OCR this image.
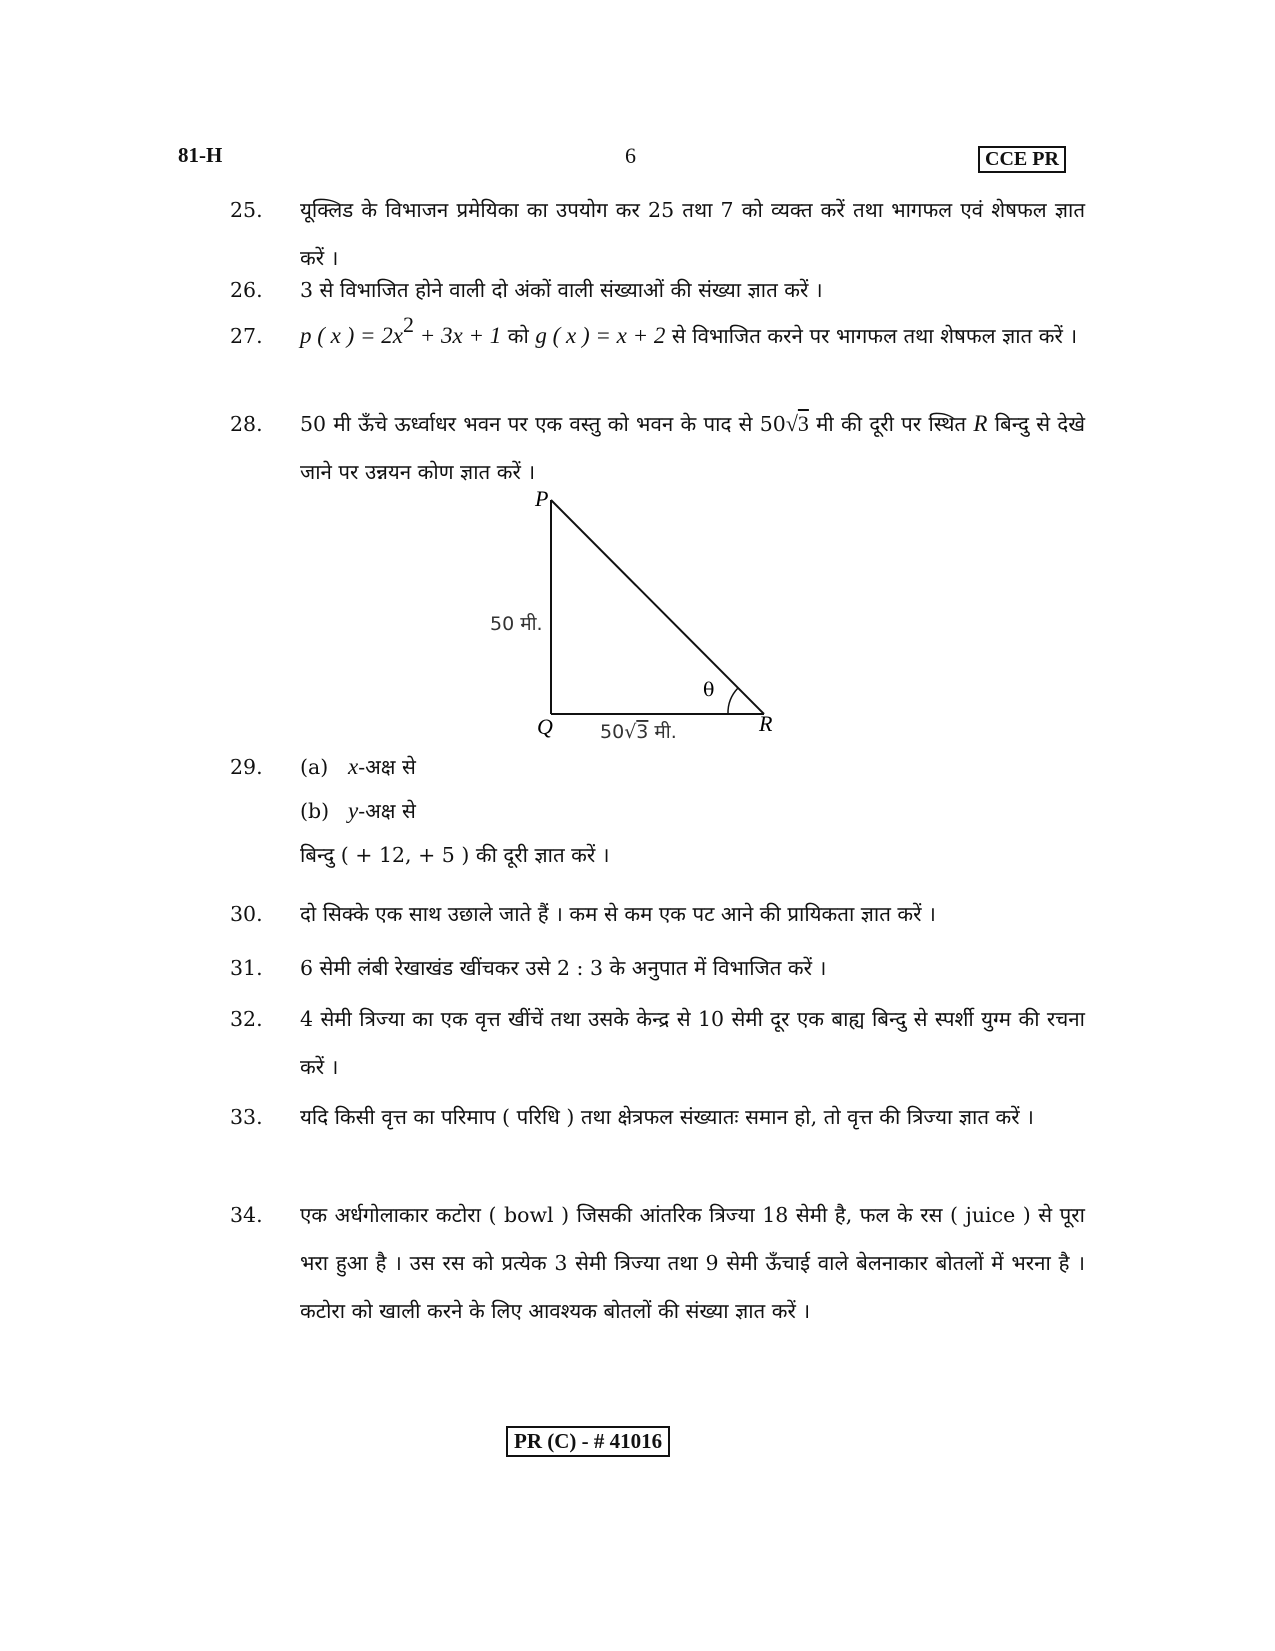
81-H	6	CCE PR
25. यूक्लिड के विभाजन प्रमेयिका का उपयोग कर 25 तथा 7 को व्यक्त करें तथा भागफल एवं शेषफल ज्ञात करें ।
26. 3 से विभाजित होने वाली दो अंकों वाली संख्याओं की संख्या ज्ञात करें ।
27. p ( x ) = $2x^2 + 3x + 1$ को g ( x ) = x + 2 से विभाजित करने पर भागफल तथा शेषफल ज्ञात करें ।
28. 50 मी ऊँचे ऊर्ध्वाधर भवन पर एक वस्तु को भवन के पाद से 50√3 मी की दूरी पर स्थित R बिन्दु से देखे जाने पर उन्नयन कोण ज्ञात करें ।
P
Q	R
50 मी.
θ
50√3 मी.
29. (a) x-अक्ष से
(b) y-अक्ष से
बिन्दु ( + 12, + 5 ) की दूरी ज्ञात करें ।
30. दो सिक्के एक साथ उछाले जाते हैं । कम से कम एक पट आने की प्रायिकता ज्ञात करें ।
31. 6 सेमी लंबी रेखाखंड खींचकर उसे 2 : 3 के अनुपात में विभाजित करें ।
32. 4 सेमी त्रिज्या का एक वृत्त खींचें तथा उसके केन्द्र से 10 सेमी दूर एक बाह्य बिन्दु से स्पर्शी युग्म की रचना करें ।
33. यदि किसी वृत्त का परिमाप ( परिधि ) तथा क्षेत्रफल संख्यातः समान हो, तो वृत्त की त्रिज्या ज्ञात करें ।
34. एक अर्धगोलाकार कटोरा ( bowl ) जिसकी आंतरिक त्रिज्या 18 सेमी है, फल के रस ( juice ) से पूरा भरा हुआ है । उस रस को प्रत्येक 3 सेमी त्रिज्या तथा 9 सेमी ऊँचाई वाले बेलनाकार बोतलों में भरना है । कटोरा को खाली करने के लिए आवश्यक बोतलों की संख्या ज्ञात करें ।
PR (C) - # 41016
